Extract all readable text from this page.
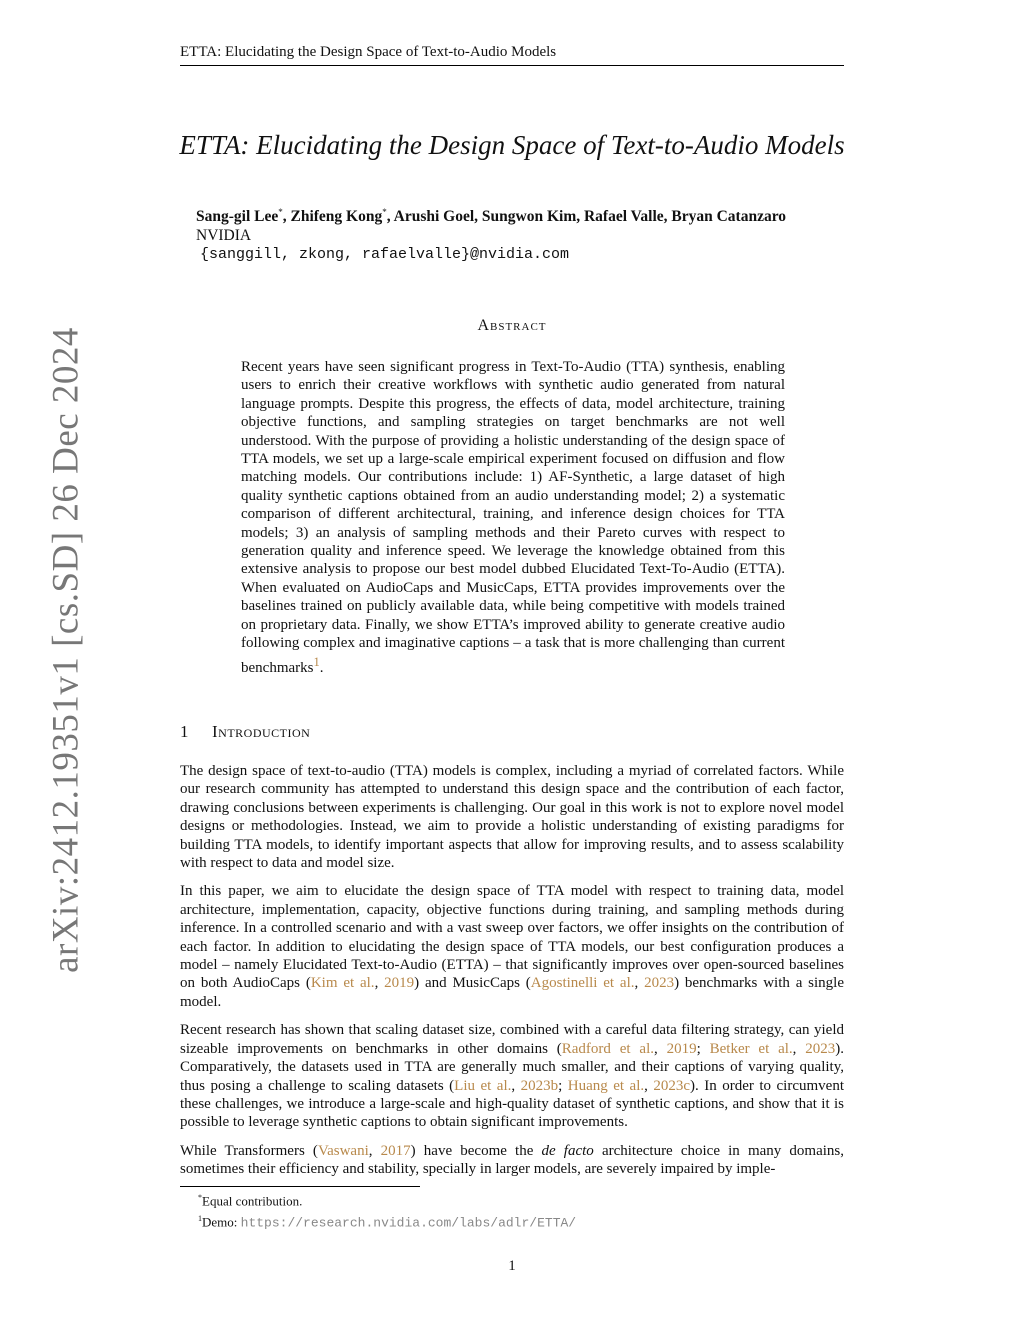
ETTA: Elucidating the Design Space of Text-to-Audio Models
arXiv:2412.19351v1 [cs.SD] 26 Dec 2024
ETTA: Elucidating the Design Space of Text-to-Audio Models
Sang-gil Lee*, Zhifeng Kong*, Arushi Goel, Sungwon Kim, Rafael Valle, Bryan Catanzaro
NVIDIA
{sanggill, zkong, rafaelvalle}@nvidia.com
Abstract

Recent years have seen significant progress in Text-To-Audio (TTA) synthesis, enabling users to enrich their creative workflows with synthetic audio generated from natural language prompts. Despite this progress, the effects of data, model architecture, training objective functions, and sampling strategies on target benchmarks are not well understood. With the purpose of providing a holistic understanding of the design space of TTA models, we set up a large-scale empirical experiment focused on diffusion and flow matching models. Our contributions include: 1) AF-Synthetic, a large dataset of high quality synthetic captions obtained from an audio understanding model; 2) a systematic comparison of different architectural, training, and inference design choices for TTA models; 3) an analysis of sampling methods and their Pareto curves with respect to generation quality and inference speed. We leverage the knowledge obtained from this extensive analysis to propose our best model dubbed Elucidated Text-To-Audio (ETTA). When evaluated on AudioCaps and MusicCaps, ETTA provides improvements over the baselines trained on publicly available data, while being competitive with models trained on proprietary data. Finally, we show ETTA’s improved ability to generate creative audio following complex and imaginative captions – a task that is more challenging than current benchmarks$^1$.

1 Introduction

The design space of text-to-audio (TTA) models is complex, including a myriad of correlated factors. While our research community has attempted to understand this design space and the contribution of each factor, drawing conclusions between experiments is challenging. Our goal in this work is not to explore novel model designs or methodologies. Instead, we aim to provide a holistic understanding of existing paradigms for building TTA models, to identify important aspects that allow for improving results, and to assess scalability with respect to data and model size.

In this paper, we aim to elucidate the design space of TTA model with respect to training data, model architecture, implementation, capacity, objective functions during training, and sampling methods during inference. In a controlled scenario and with a vast sweep over factors, we offer insights on the contribution of each factor. In addition to elucidating the design space of TTA models, our best configuration produces a model – namely Elucidated Text-to-Audio (ETTA) – that significantly improves over open-sourced baselines on both AudioCaps (Kim et al., 2019) and MusicCaps (Agostinelli et al., 2023) benchmarks with a single model.

Recent research has shown that scaling dataset size, combined with a careful data filtering strategy, can yield sizeable improvements on benchmarks in other domains (Radford et al., 2019; Betker et al., 2023). Comparatively, the datasets used in TTA are generally much smaller, and their captions of varying quality, thus posing a challenge to scaling datasets (Liu et al., 2023b; Huang et al., 2023c). In order to circumvent these challenges, we introduce a large-scale and high-quality dataset of synthetic captions, and show that it is possible to leverage synthetic captions to obtain significant improvements.

While Transformers (Vaswani, 2017) have become the de facto architecture choice in many domains, sometimes their efficiency and stability, specially in larger models, are severely impaired by imple-

*Equal contribution.
$^1$Demo: https://research.nvidia.com/labs/adlr/ETTA/
1
